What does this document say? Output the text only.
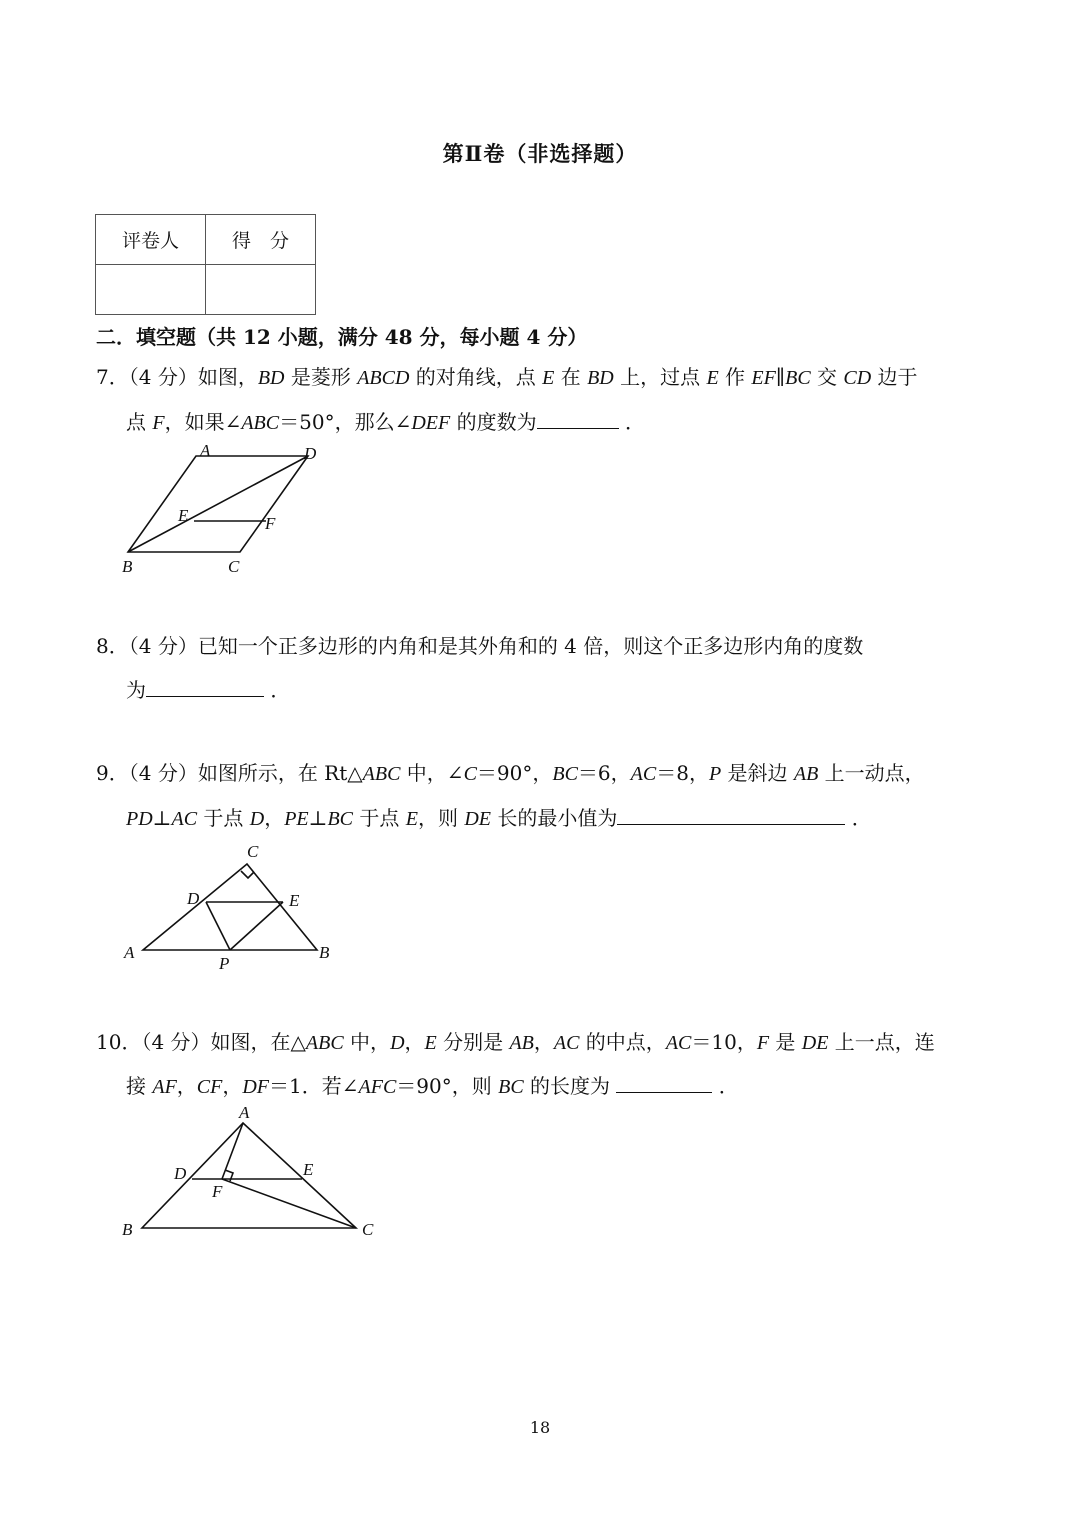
第Ⅱ卷（非选择题）
评卷人	得　分

二．填空题（共 12 小题，满分 48 分，每小题 4 分）
7．（4 分）如图，BD 是菱形 ABCD 的对角线，点 E 在 BD 上，过点 E 作 EF∥BC 交 CD 边于
点 F，如果∠ABC＝50°，那么∠DEF 的度数为	．
A	D
E	F
B	C
8．（4 分）已知一个正多边形的内角和是其外角和的 4 倍，则这个正多边形内角的度数
为	．
9．（4 分）如图所示，在 Rt△ABC 中，∠C＝90°，BC＝6，AC＝8，P 是斜边 AB 上一动点，
PD⊥AC 于点 D，PE⊥BC 于点 E，则 DE 长的最小值为	．
C
D	E
A
P
B
10．（4 分）如图，在△ABC 中，D，E 分别是 AB，AC 的中点，AC＝10，F 是 DE 上一点，连
接 AF，CF，DF＝1．若∠AFC＝90°，则 BC 的长度为	．
A
D	E
F
B	C
18
